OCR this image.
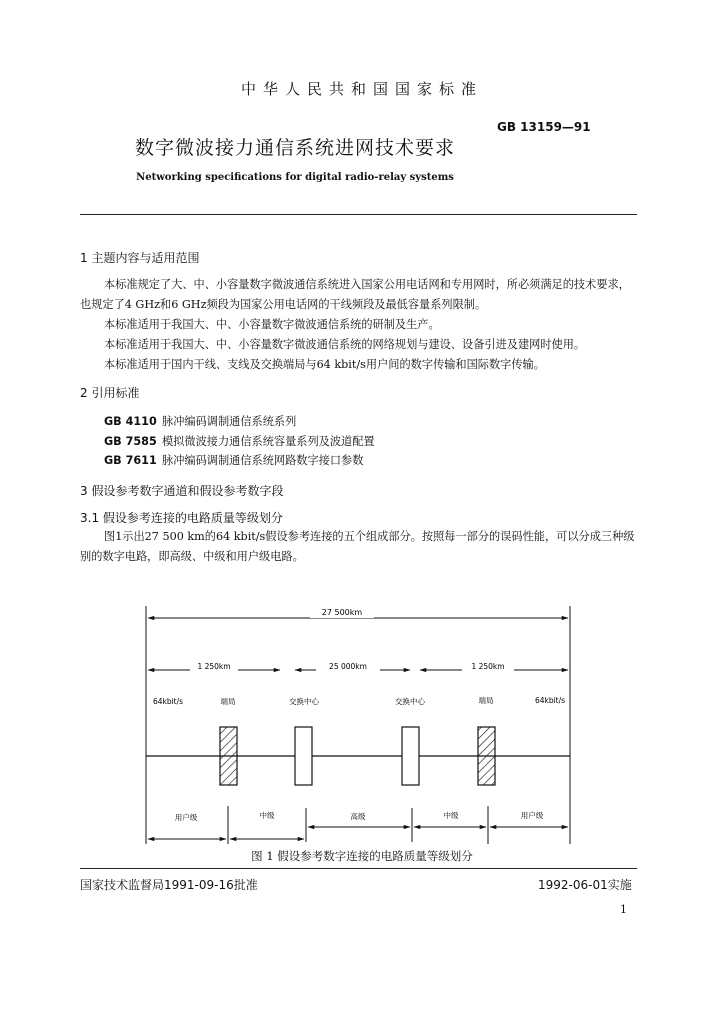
中华人民共和国国家标准
GB 13159—91
数字微波接力通信系统进网技术要求
Networking specifications for digital radio-relay systems
1 主题内容与适用范围
本标准规定了大、中、小容量数字微波通信系统进入国家公用电话网和专用网时，所必须满足的技术要求，也规定了4 GHz和6 GHz频段为国家公用电话网的干线频段及最低容量系列限制。
本标准适用于我国大、中、小容量数字微波通信系统的研制及生产。
本标准适用于我国大、中、小容量数字微波通信系统的网络规划与建设、设备引进及建网时使用。
本标准适用于国内干线、支线及交换端局与64 kbit/s用户间的数字传输和国际数字传输。
2 引用标准
GB 4110 脉冲编码调制通信系统系列
GB 7585 模拟微波接力通信系统容量系列及波道配置
GB 7611 脉冲编码调制通信系统网路数字接口参数
3 假设参考数字通道和假设参考数字段
3.1 假设参考连接的电路质量等级划分
图1示出27 500 km的64 kbit/s假设参考连接的五个组成部分。按照每一部分的误码性能，可以分成三种级别的数字电路，即高级、中级和用户级电路。
27 500km
1 250km	25 000km	1 250km
64kbit/s	端局	交换中心	交换中心	端局	64kbit/s
用户级	中级	高级	中级	用户级
图 1 假设参考数字连接的电路质量等级划分
国家技术监督局1991-09-16批准	1992-06-01实施
1
